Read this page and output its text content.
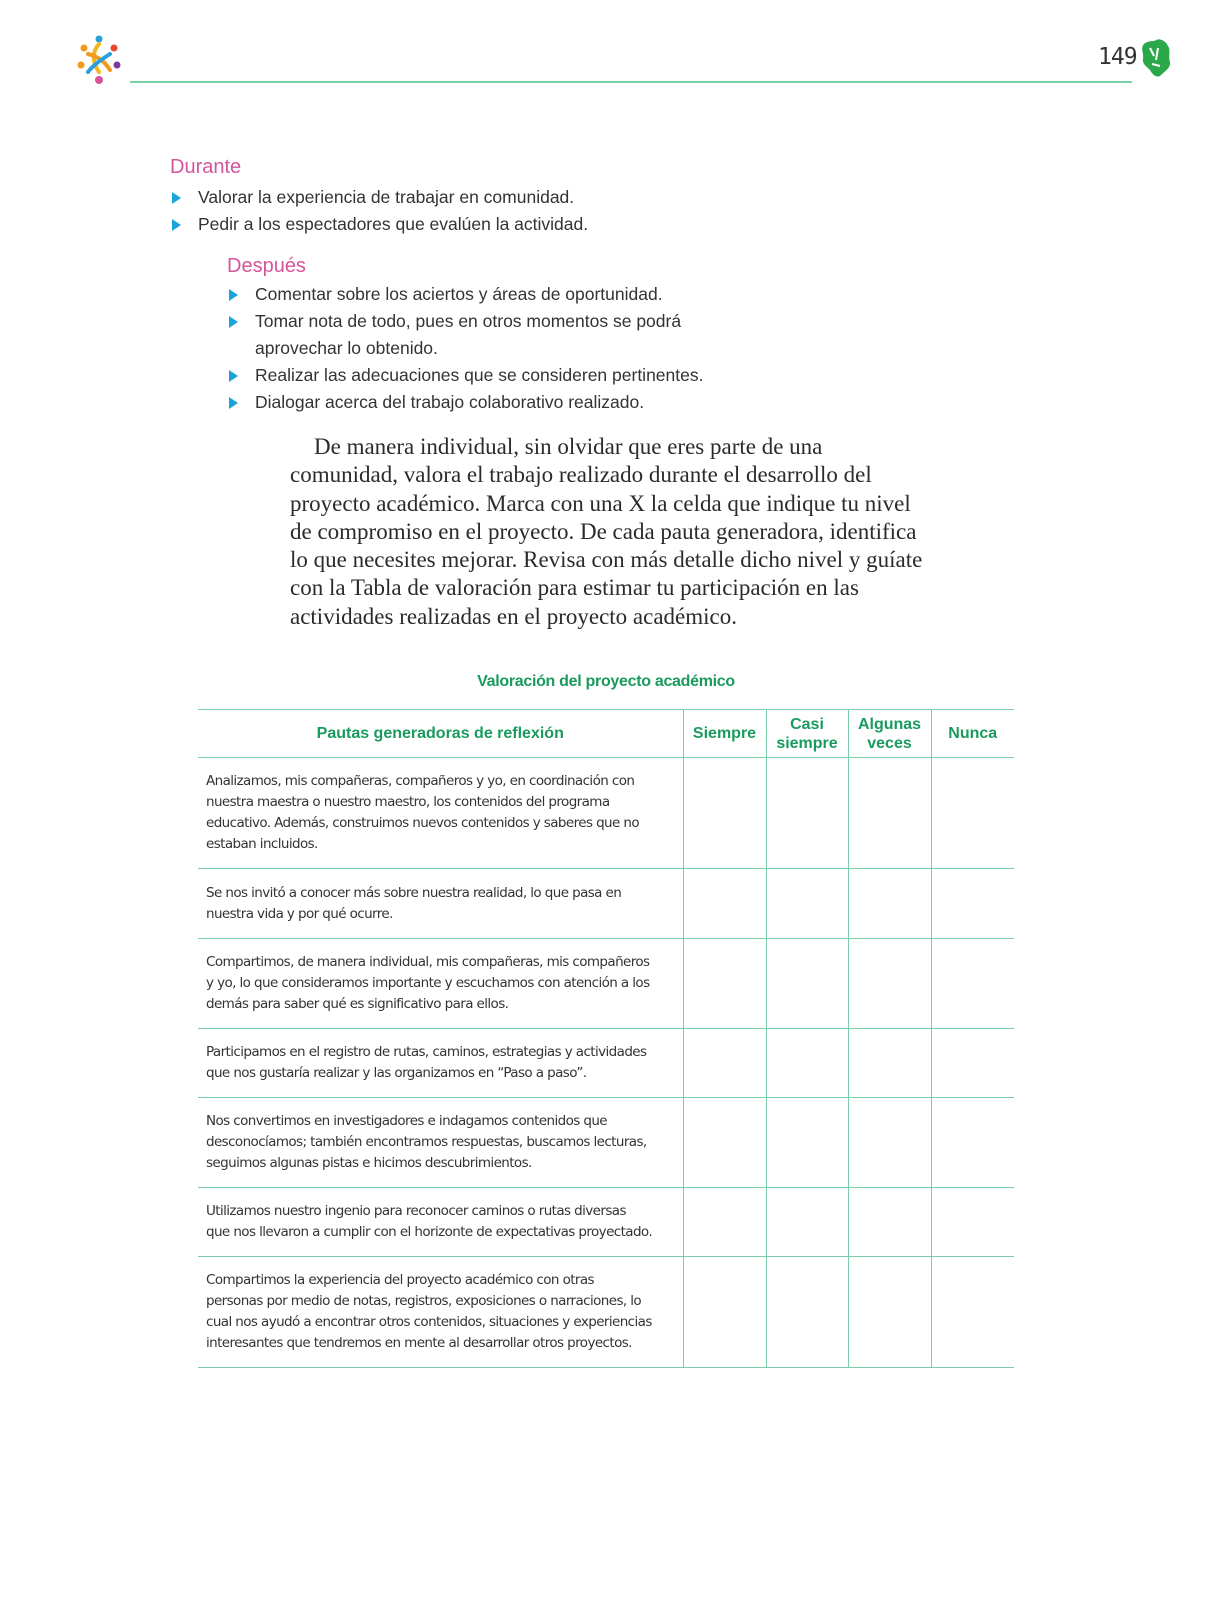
149
Durante
Valorar la experiencia de trabajar en comunidad.
Pedir a los espectadores que evalúen la actividad.
Después
Comentar sobre los aciertos y áreas de oportunidad.
Tomar nota de todo, pues en otros momentos se podrá aprovechar lo obtenido.
Realizar las adecuaciones que se consideren pertinentes.
Dialogar acerca del trabajo colaborativo realizado.

De manera individual, sin olvidar que eres parte de una comunidad, valora el trabajo realizado durante el desarrollo del proyecto académico. Marca con una X la celda que indique tu nivel de compromiso en el proyecto. De cada pauta generadora, identifica lo que necesites mejorar. Revisa con más detalle dicho nivel y guíate con la Tabla de valoración para estimar tu participación en las actividades realizadas en el proyecto académico.

Valoración del proyecto académico
Pautas generadoras de reflexión	Siempre	Casi siempre	Algunas veces	Nunca
Analizamos, mis compañeras, compañeros y yo, en coordinación con nuestra maestra o nuestro maestro, los contenidos del programa educativo. Además, construimos nuevos contenidos y saberes que no estaban incluidos.				
Se nos invitó a conocer más sobre nuestra realidad, lo que pasa en nuestra vida y por qué ocurre.				
Compartimos, de manera individual, mis compañeras, mis compañeros y yo, lo que consideramos importante y escuchamos con atención a los demás para saber qué es significativo para ellos.				
Participamos en el registro de rutas, caminos, estrategias y actividades que nos gustaría realizar y las organizamos en “Paso a paso”.				
Nos convertimos en investigadores e indagamos contenidos que desconocíamos; también encontramos respuestas, buscamos lecturas, seguimos algunas pistas e hicimos descubrimientos.				
Utilizamos nuestro ingenio para reconocer caminos o rutas diversas que nos llevaron a cumplir con el horizonte de expectativas proyectado.				
Compartimos la experiencia del proyecto académico con otras personas por medio de notas, registros, exposiciones o narraciones, lo cual nos ayudó a encontrar otros contenidos, situaciones y experiencias interesantes que tendremos en mente al desarrollar otros proyectos.				
